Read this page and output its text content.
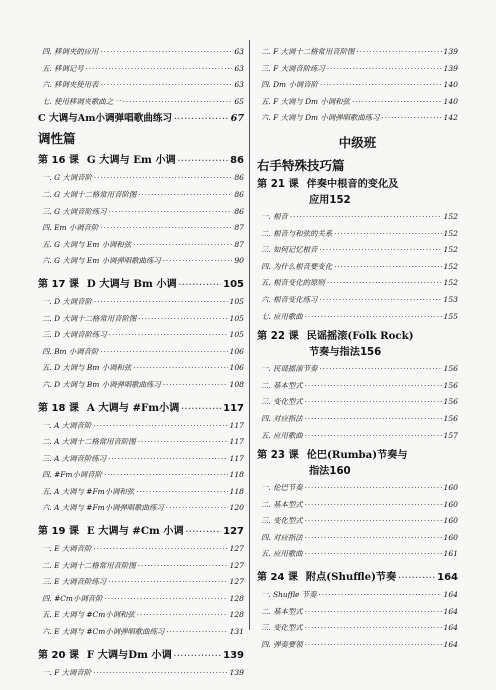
四. 移调夹的应用 ·····	63
五. 移调记号 ·····	63
六. 移调夹使用表 ·····	63
七. 使用移调夹歌曲之一 ·····	65
C 大调与Am小调弹唱歌曲练习 ·····	67
调性篇
第 16 课 G 大调与 Em 小调 ·····	86
一. G 大调音阶 ·····	86
二. G 大调十二格常用音阶图 ·····	86
三. G 大调音阶练习 ·····	86
四. Em 小调音阶 ·····	87
五. G 大调与 Em 小调和弦 ·····	87
六. G 大调与 Em 小调弹唱歌曲练习 ·····	90
第 17 课 D 大调与 Bm 小调 ·····	105
一. D 大调音阶 ·····	105
二. D 大调十二格常用音阶图 ·····	105
三. D 大调音阶练习 ·····	105
四. Bm 小调音阶 ·····	106
五. D 大调与 Bm 小调和弦 ·····	106
六. D 大调与 Bm 小调弹唱歌曲练习 ·····	108
第 18 课 A 大调与 #Fm小调 ·····	117
一. A 大调音阶 ·····	117
二. A 大调十二格常用音阶图 ·····	117
三. A 大调音阶练习 ·····	117
四. #Fm小调音阶 ·····	118
五. A 大调与 #Fm小调和弦 ·····	118
六. A 大调与 #Fm小调弹唱歌曲练习 ·····	120
第 19 课 E 大调与 #Cm 小调 ·····	127
一. E 大调音阶 ·····	127
二. E 大调十二格常用音阶图 ·····	127
三. E 大调音阶练习 ·····	127
四. #Cm小调音阶 ·····	128
五. E 大调与 #Cm小调和弦 ·····	128
六. E 大调与 #Cm小调弹唱歌曲练习 ·····	131
第 20 课 F 大调与Dm 小调 ·····	139
一. F 大调音阶 ·····	139
二. F 大调十二格常用音阶图 ·····	139
三. F 大调音阶练习 ·····	139
四. Dm 小调音阶 ·····	140
五. F 大调与 Dm 小调和弦 ·····	140
六. F 大调与 Dm 小调弹唱歌曲练习 ·····	142
中级班
右手特殊技巧篇
第 21 课 伴奏中根音的变化及
应用 152
一. 根音 ·····	152
二. 根音与和弦的关系 ·····	152
三. 如何记忆根音 ·····	152
四. 为什么根音要变化 ·····	152
五. 根音变化的原则 ·····	152
六. 根音变化练习 ·····	153
七. 应用歌曲 ·····	155
第 22 课 民谣摇滚(Folk Rock)
节奏与指法 156
一. 民谣摇滚节奏 ·····	156
二. 基本型式 ·····	156
三. 变化型式 ·····	156
四. 对应指法 ·····	156
五. 应用歌曲 ·····	157
第 23 课 伦巴(Rumba)节奏与
指法 160
一. 伦巴节奏 ·····	160
二. 基本型式 ·····	160
三. 变化型式 ·····	160
四. 对应指法 ·····	160
五. 应用歌曲 ·····	161
第 24 课 附点(Shuffle)节奏 ·····	164
一. Shuffle 节奏 ·····	164
二. 基本型式 ·····	164
三. 变化型式 ·····	164
四. 弹奏要领 ·····	164
